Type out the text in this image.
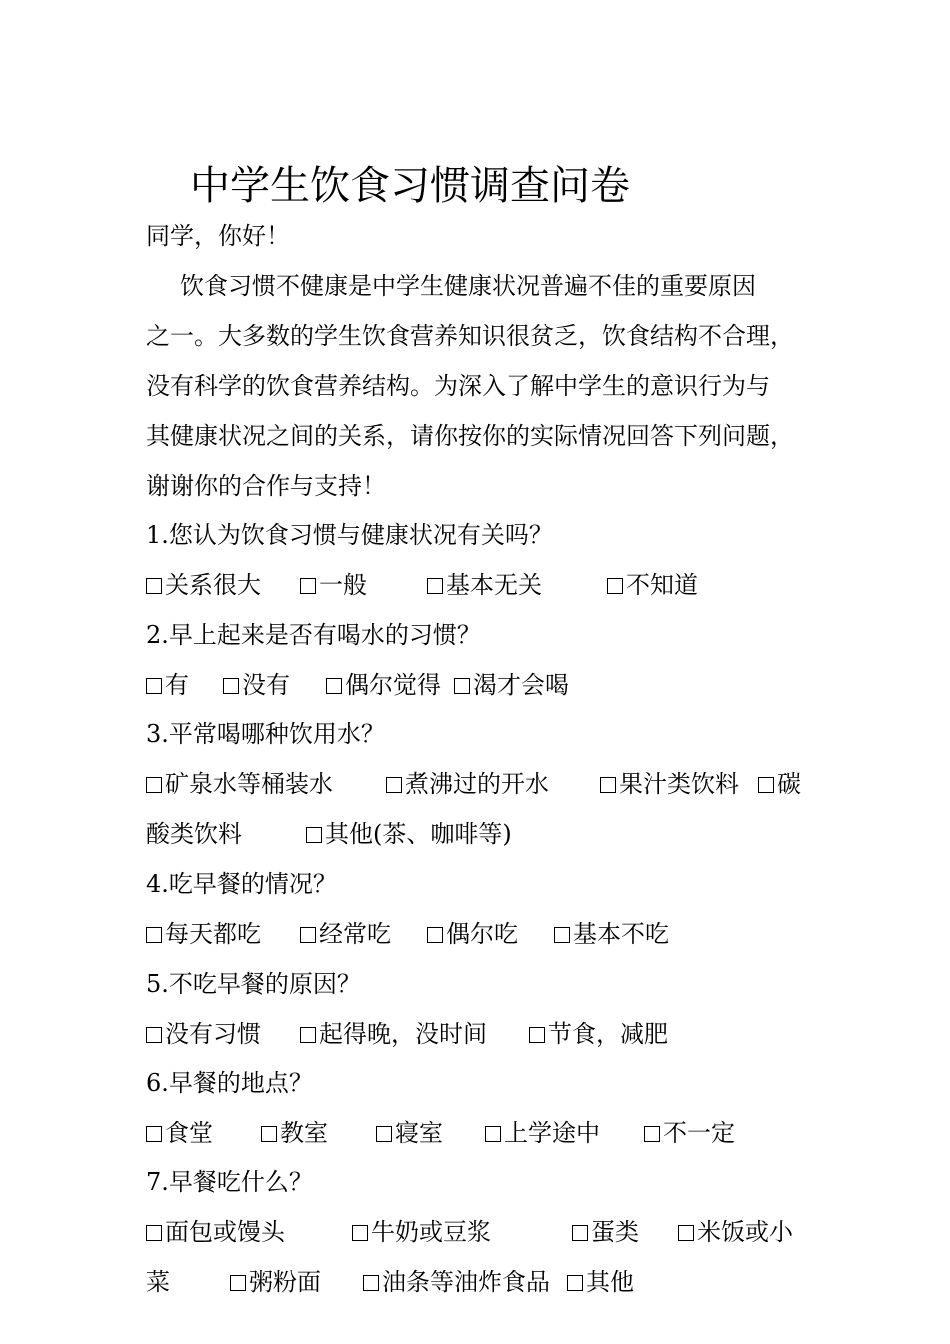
中学生饮食习惯调查问卷
同学，你好！
饮食习惯不健康是中学生健康状况普遍不佳的重要原因
之一。大多数的学生饮食营养知识很贫乏，饮食结构不合理，
没有科学的饮食营养结构。为深入了解中学生的意识行为与
其健康状况之间的关系，请你按你的实际情况回答下列问题，
谢谢你的合作与支持！
1.您认为饮食习惯与健康状况有关吗？
关系很大	一般	基本无关	不知道
2.早上起来是否有喝水的习惯？
有	没有	偶尔觉得	渴才会喝
3.平常喝哪种饮用水？
矿泉水等桶装水	煮沸过的开水	果汁类饮料	碳
酸类饮料	其他(茶、咖啡等)
4.吃早餐的情况？
每天都吃	经常吃	偶尔吃	基本不吃
5.不吃早餐的原因？
没有习惯	起得晚，没时间	节食，减肥
6.早餐的地点？
食堂	教室	寝室	上学途中	不一定
7.早餐吃什么？
面包或馒头	牛奶或豆浆	蛋类	米饭或小
菜	粥粉面	油条等油炸食品	其他
